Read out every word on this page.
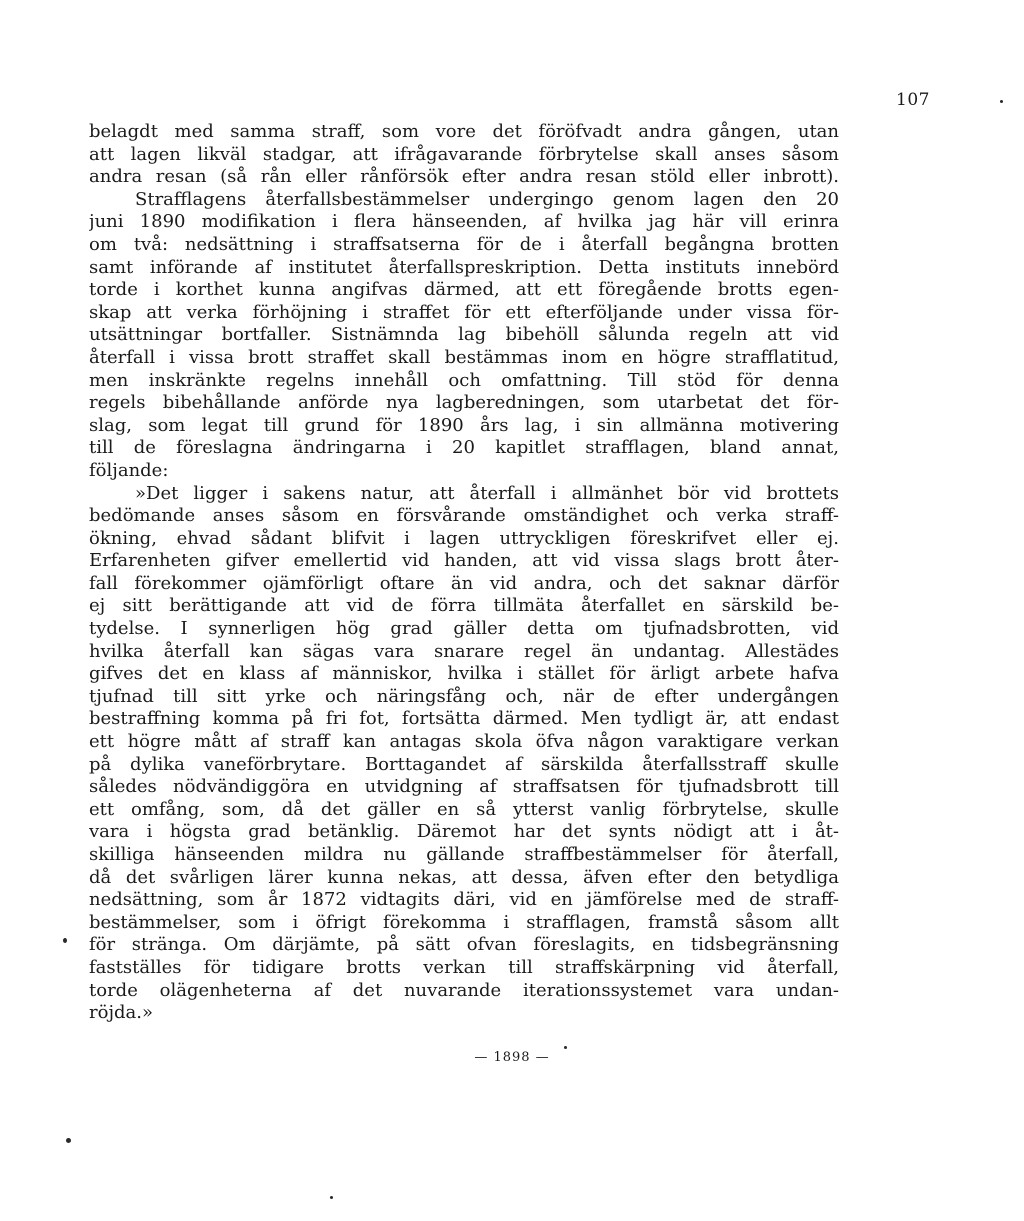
107
belagdt med samma straff, som vore det föröfvadt andra gången, utan
att lagen likväl stadgar, att ifrågavarande förbrytelse skall anses såsom
andra resan (så rån eller rånförsök efter andra resan stöld eller inbrott).
Strafflagens återfallsbestämmelser undergingo genom lagen den 20
juni 1890 modifikation i flera hänseenden, af hvilka jag här vill erinra
om två: nedsättning i straffsatserna för de i återfall begångna brotten
samt införande af institutet återfallspreskription. Detta instituts innebörd
torde i korthet kunna angifvas därmed, att ett föregående brotts egen-
skap att verka förhöjning i straffet för ett efterföljande under vissa för-
utsättningar bortfaller. Sistnämnda lag bibehöll sålunda regeln att vid
återfall i vissa brott straffet skall bestämmas inom en högre strafflatitud,
men inskränkte regelns innehåll och omfattning. Till stöd för denna
regels bibehållande anförde nya lagberedningen, som utarbetat det för-
slag, som legat till grund för 1890 års lag, i sin allmänna motivering
till de föreslagna ändringarna i 20 kapitlet strafflagen, bland annat,
följande:
»Det ligger i sakens natur, att återfall i allmänhet bör vid brottets
bedömande anses såsom en försvårande omständighet och verka straff-
ökning, ehvad sådant blifvit i lagen uttryckligen föreskrifvet eller ej.
Erfarenheten gifver emellertid vid handen, att vid vissa slags brott åter-
fall förekommer ojämförligt oftare än vid andra, och det saknar därför
ej sitt berättigande att vid de förra tillmäta återfallet en särskild be-
tydelse. I synnerligen hög grad gäller detta om tjufnadsbrotten, vid
hvilka återfall kan sägas vara snarare regel än undantag. Allestädes
gifves det en klass af människor, hvilka i stället för ärligt arbete hafva
tjufnad till sitt yrke och näringsfång och, när de efter undergången
bestraffning komma på fri fot, fortsätta därmed. Men tydligt är, att endast
ett högre mått af straff kan antagas skola öfva någon varaktigare verkan
på dylika vaneförbrytare. Borttagandet af särskilda återfallsstraff skulle
således nödvändiggöra en utvidgning af straffsatsen för tjufnadsbrott till
ett omfång, som, då det gäller en så ytterst vanlig förbrytelse, skulle
vara i högsta grad betänklig. Däremot har det synts nödigt att i åt-
skilliga hänseenden mildra nu gällande straffbestämmelser för återfall,
då det svårligen lärer kunna nekas, att dessa, äfven efter den betydliga
nedsättning, som år 1872 vidtagits däri, vid en jämförelse med de straff-
bestämmelser, som i öfrigt förekomma i strafflagen, framstå såsom allt
för stränga. Om därjämte, på sätt ofvan föreslagits, en tidsbegränsning
fastställes för tidigare brotts verkan till straffskärpning vid återfall,
torde olägenheterna af det nuvarande iterationssystemet vara undan-
röjda.»
— 1898 —
